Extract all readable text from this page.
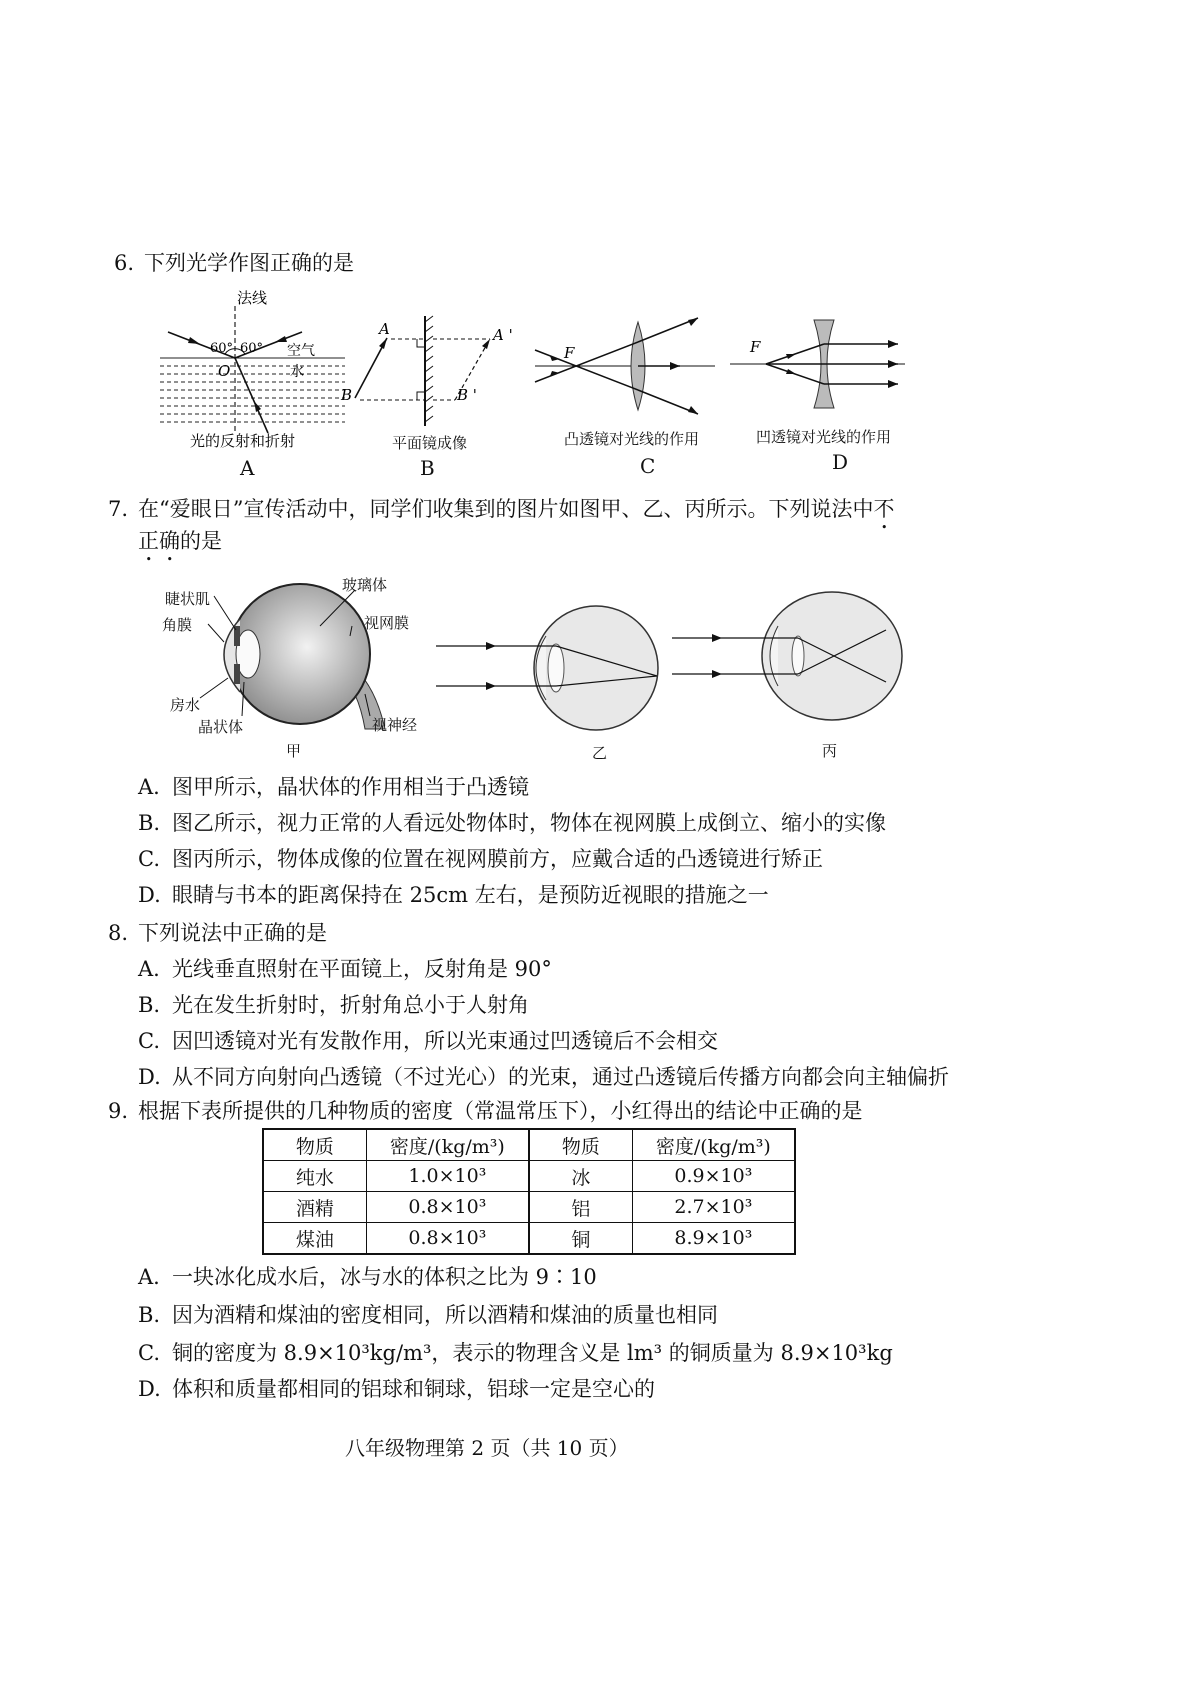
6. 下列光学作图正确的是
法线
60° 60°
O
空气
水
光的反射和折射
A
A
B
A '
B '
平面镜成像
B
F
凸透镜对光线的作用
C
F
凹透镜对光线的作用
D
7. 在“爱眼日”宣传活动中，同学们收集到的图片如图甲、乙、丙所示。下列说法中不
正确的是
睫状肌
角膜
玻璃体
视网膜
房水
晶状体	视神经
甲	乙	丙
A. 图甲所示，晶状体的作用相当于凸透镜
B. 图乙所示，视力正常的人看远处物体时，物体在视网膜上成倒立、缩小的实像
C. 图丙所示，物体成像的位置在视网膜前方，应戴合适的凸透镜进行矫正
D. 眼睛与书本的距离保持在 25cm 左右，是预防近视眼的措施之一
8. 下列说法中正确的是
A. 光线垂直照射在平面镜上，反射角是 90°
B. 光在发生折射时，折射角总小于人射角
C. 因凹透镜对光有发散作用，所以光束通过凹透镜后不会相交
D. 从不同方向射向凸透镜（不过光心）的光束，通过凸透镜后传播方向都会向主轴偏折
9. 根据下表所提供的几种物质的密度（常温常压下），小红得出的结论中正确的是
物质	密度/(kg/m³)	物质	密度/(kg/m³)
纯水	1.0×10³	冰	0.9×10³
酒精	0.8×10³	铝	2.7×10³
煤油	0.8×10³	铜	8.9×10³
A. 一块冰化成水后，冰与水的体积之比为 9∶10
B. 因为酒精和煤油的密度相同，所以酒精和煤油的质量也相同
C. 铜的密度为 8.9×10³kg/m³，表示的物理含义是 lm³ 的铜质量为 8.9×10³kg
D. 体积和质量都相同的铝球和铜球，铝球一定是空心的
八年级物理第 2 页（共 10 页）
